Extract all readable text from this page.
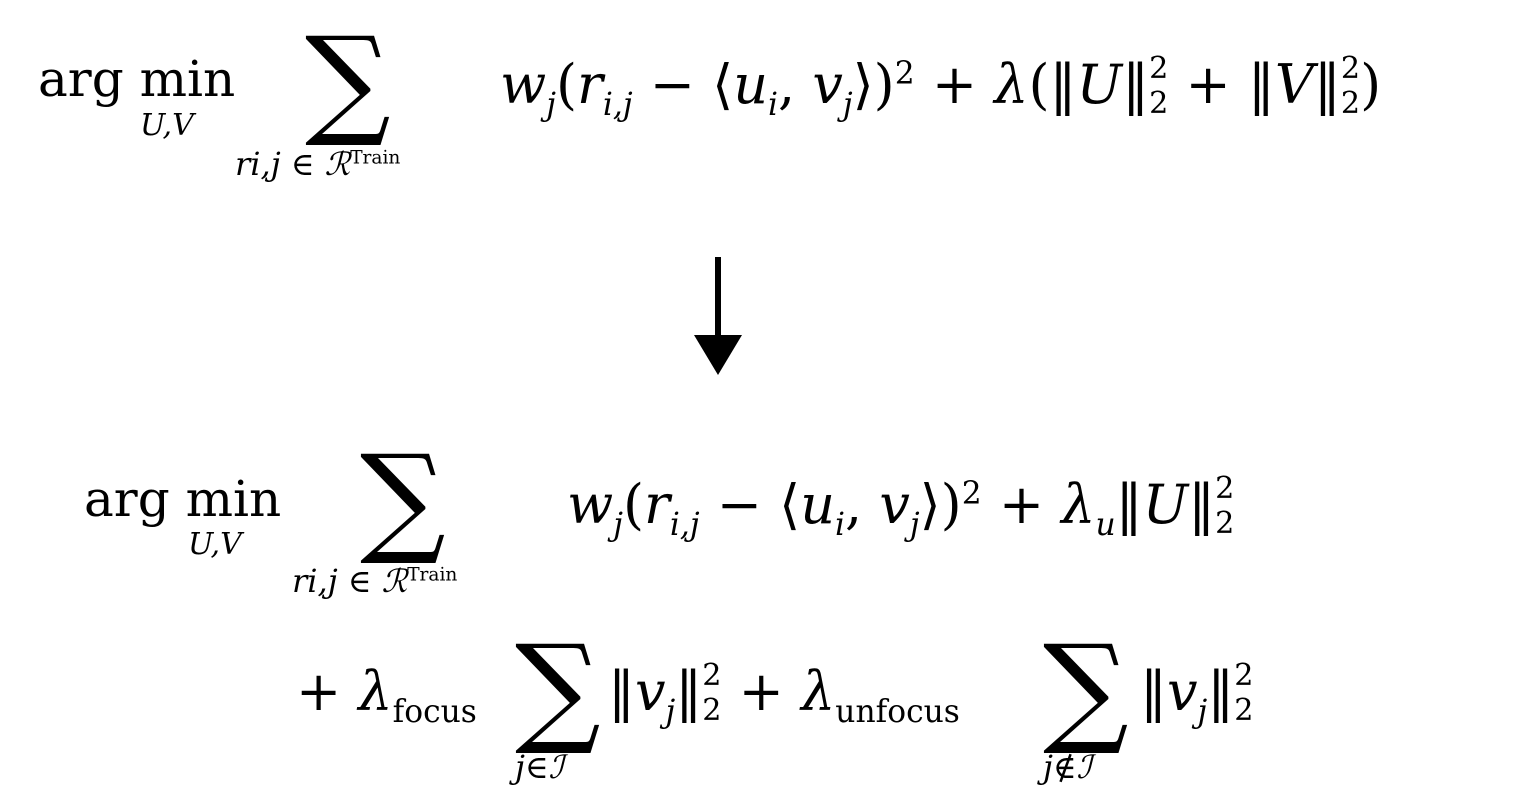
arg min
U,V ∑
ri,j ∈ ℛ$^{Train}$
$w_j(r_{i,j}$ − $⟨u_i$, $v_j⟩)^2$ + λ(‖U‖ 2
2 + ‖V‖ 2
2)
arg min
U,V ∑
ri,j ∈ ℛ$^{Train}$
$w_j(r_{i,j}$ − $⟨u_i$, $v_j⟩)^2$ + $\lambda_u‖U‖$ 2
2
+ $\lambda_{focus}$ ∑
j∈ℐ
$‖v_j‖$ 2
$2 + \lambda_{unfocus}$ ∑
j∉ℐ
$‖v_j‖$ 2
2
